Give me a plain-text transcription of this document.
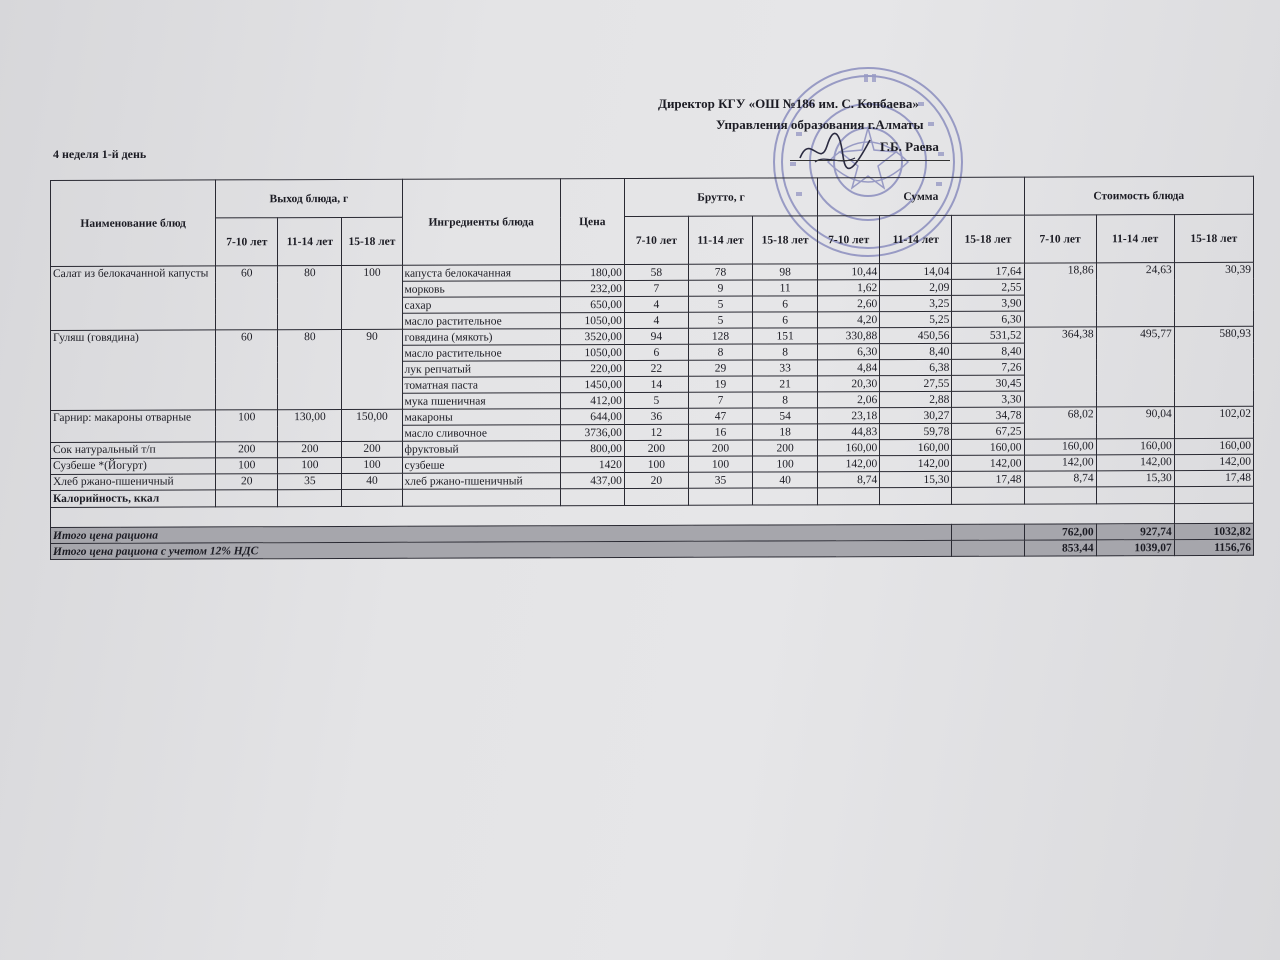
Директор КГУ «ОШ №186 им. С. Копбаева»
Управления образования г.Алматы
Г.Б. Раева
4 неделя 1-й день
Наименование блюд	Выход блюда, г			Ингредиенты блюда	Цена	Брутто, г			Сумма			Стоимость блюда		
	7-10 лет	11-14 лет	15-18 лет			7-10 лет	11-14 лет	15-18 лет	7-10 лет	11-14 лет	15-18 лет	7-10 лет	11-14 лет	15-18 лет
Салат из белокачанной капусты	60	80	100	капуста белокачанная	180,00	58	78	98	10,44	14,04	17,64	18,86	24,63	30,39
				морковь	232,00	7	9	11	1,62	2,09	2,55			
				сахар	650,00	4	5	6	2,60	3,25	3,90			
				масло растительное	1050,00	4	5	6	4,20	5,25	6,30			
Гуляш (говядина)	60	80	90	говядина (мякоть)	3520,00	94	128	151	330,88	450,56	531,52	364,38	495,77	580,93
				масло растительное	1050,00	6	8	8	6,30	8,40	8,40			
				лук репчатый	220,00	22	29	33	4,84	6,38	7,26			
				томатная паста	1450,00	14	19	21	20,30	27,55	30,45			
				мука пшеничная	412,00	5	7	8	2,06	2,88	3,30			
Гарнир: макароны отварные	100	130,00	150,00	макароны	644,00	36	47	54	23,18	30,27	34,78	68,02	90,04	102,02
				масло сливочное	3736,00	12	16	18	44,83	59,78	67,25			
Сок натуральный т/п	200	200	200	фруктовый	800,00	200	200	200	160,00	160,00	160,00	160,00	160,00	160,00
Сузбеше *(Йогурт)	100	100	100	сузбеше	1420	100	100	100	142,00	142,00	142,00	142,00	142,00	142,00
Хлеб ржано-пшеничный	20	35	40	хлеб ржано-пшеничный	437,00	20	35	40	8,74	15,30	17,48	8,74	15,30	17,48
Калорийность, ккал														

Итого цена рациона												762,00	927,74	1032,82
Итого цена рациона с учетом 12% НДС												853,44	1039,07	1156,76
